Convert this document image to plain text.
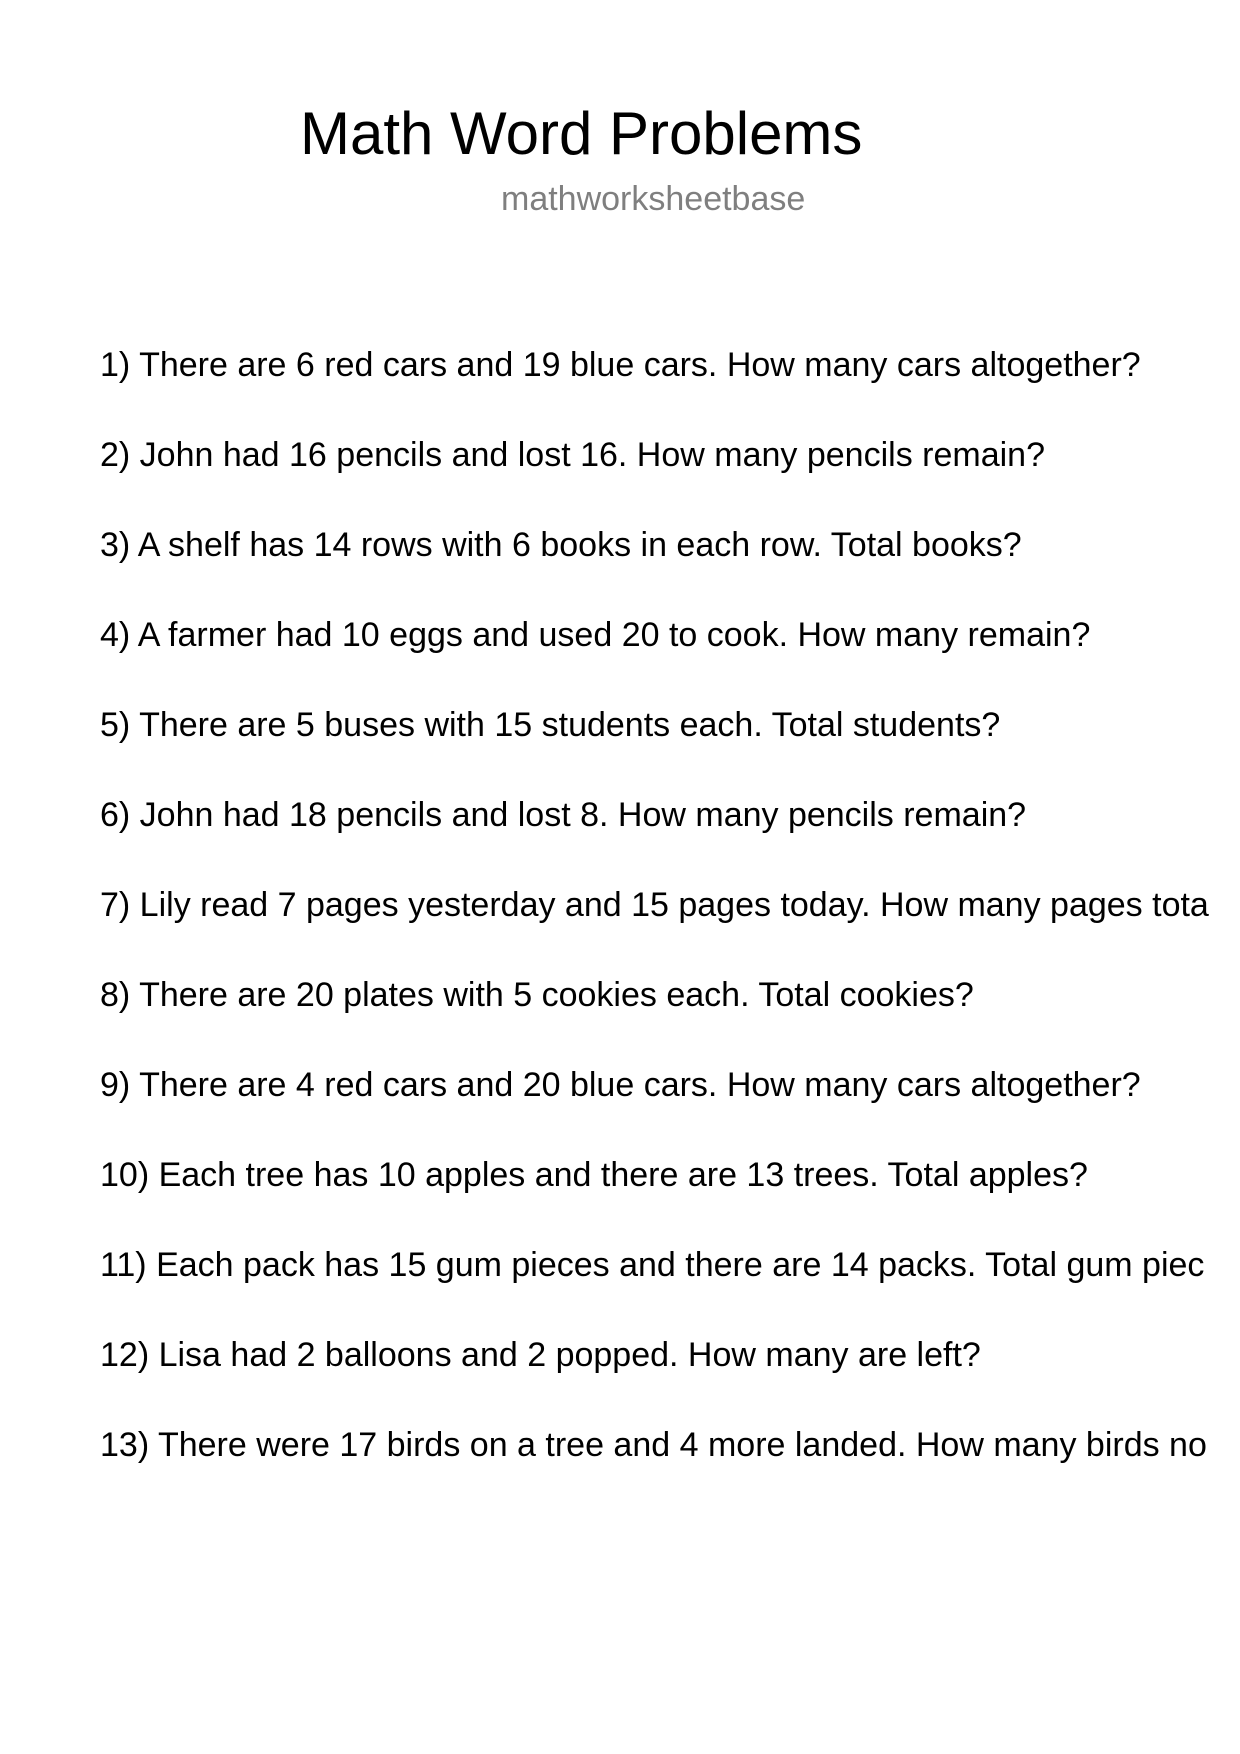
Math Word Problems
mathworksheetbase
1) There are 6 red cars and 19 blue cars. How many cars altogether?
2) John had 16 pencils and lost 16. How many pencils remain?
3) A shelf has 14 rows with 6 books in each row. Total books?
4) A farmer had 10 eggs and used 20 to cook. How many remain?
5) There are 5 buses with 15 students each. Total students?
6) John had 18 pencils and lost 8. How many pencils remain?
7) Lily read 7 pages yesterday and 15 pages today. How many pages tota
8) There are 20 plates with 5 cookies each. Total cookies?
9) There are 4 red cars and 20 blue cars. How many cars altogether?
10) Each tree has 10 apples and there are 13 trees. Total apples?
11) Each pack has 15 gum pieces and there are 14 packs. Total gum piec
12) Lisa had 2 balloons and 2 popped. How many are left?
13) There were 17 birds on a tree and 4 more landed. How many birds no
